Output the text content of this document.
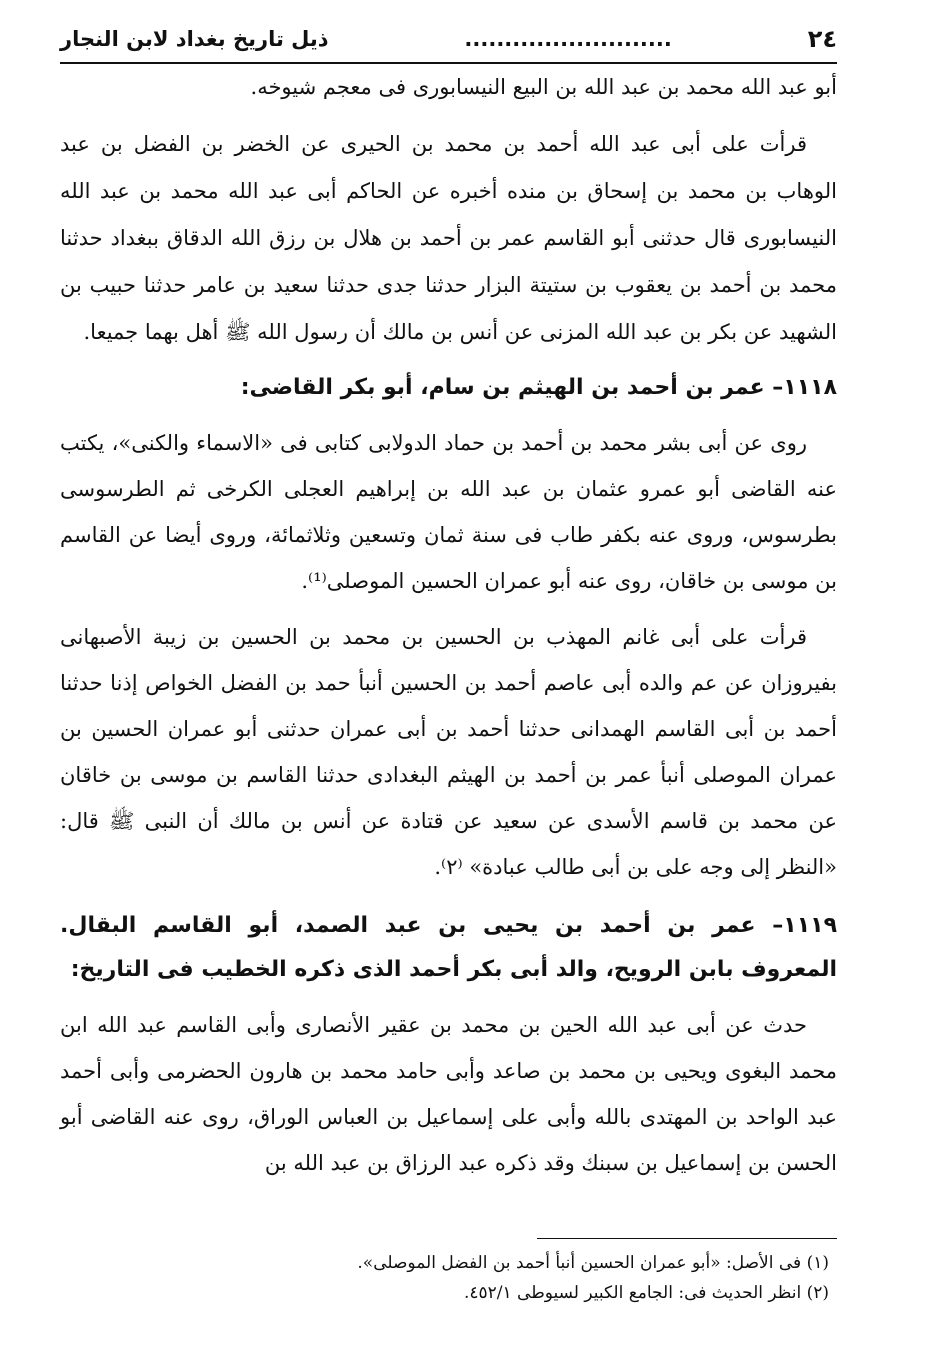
٢٤
..........................
ذيل تاريخ بغداد لابن النجار

أبو عبد الله محمد بن عبد الله بن البيع النيسابورى فى معجم شيوخه.

قرأت على أبى عبد الله أحمد بن محمد بن الحيرى عن الخضر بن الفضل بن عبد الوهاب بن محمد بن إسحاق بن منده أخبره عن الحاكم أبى عبد الله محمد بن عبد الله النيسابورى قال حدثنى أبو القاسم عمر بن أحمد بن هلال بن رزق الله الدقاق ببغداد حدثنا محمد بن أحمد بن يعقوب بن ستيتة البزار حدثنا جدى حدثنا سعيد بن عامر حدثنا حبيب بن الشهيد عن بكر بن عبد الله المزنى عن أنس بن مالك أن رسول الله ﷺ أهل بهما جميعا.

١١١٨– عمر بن أحمد بن الهيثم بن سام، أبو بكر القاضى:

روى عن أبى بشر محمد بن أحمد بن حماد الدولابى كتابى فى «الاسماء والكنى»، يكتب عنه القاضى أبو عمرو عثمان بن عبد الله بن إبراهيم العجلى الكرخى ثم الطرسوسى بطرسوس، وروى عنه بكفر طاب فى سنة ثمان وتسعين وثلاثمائة، وروى أيضا عن القاسم بن موسى بن خاقان، روى عنه أبو عمران الحسين الموصلى⁽¹⁾.

قرأت على أبى غانم المهذب بن الحسين بن محمد بن الحسين بن زيبة الأصبهانى بفيروزان عن عم والده أبى عاصم أحمد بن الحسين أنبأ حمد بن الفضل الخواص إذنا حدثنا أحمد بن أبى القاسم الهمدانى حدثنا أحمد بن أبى عمران حدثنى أبو عمران الحسين بن عمران الموصلى أنبأ عمر بن أحمد بن الهيثم البغدادى حدثنا القاسم بن موسى بن خاقان عن محمد بن قاسم الأسدى عن سعيد عن قتادة عن أنس بن مالك أن النبى ﷺ قال: «النظر إلى وجه على بن أبى طالب عبادة» ⁽٢⁾.

١١١٩– عمر بن أحمد بن يحيى بن عبد الصمد، أبو القاسم البقال. المعروف بابن الرويح، والد أبى بكر أحمد الذى ذكره الخطيب فى التاريخ:

حدث عن أبى عبد الله الحين بن محمد بن عقير الأنصارى وأبى القاسم عبد الله ابن محمد البغوى ويحيى بن محمد بن صاعد وأبى حامد محمد بن هارون الحضرمى وأبى أحمد عبد الواحد بن المهتدى بالله وأبى على إسماعيل بن العباس الوراق، روى عنه القاضى أبو الحسن بن إسماعيل بن سبنك وقد ذكره عبد الرزاق بن عبد الله بن

(١) فى الأصل: «أبو عمران الحسين أنبأ أحمد بن الفضل الموصلى».

(٢) انظر الحديث فى: الجامع الكبير لسيوطى ٤٥٢/١.
